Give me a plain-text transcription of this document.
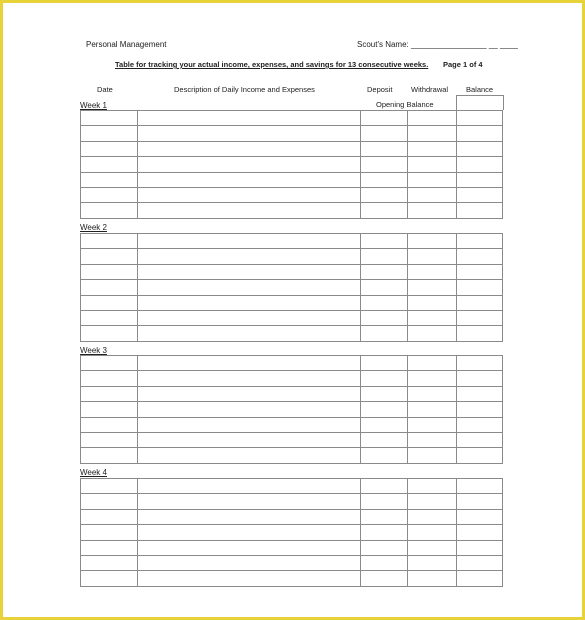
Personal Management	Scout's Name: _________________ __ ____
Table for tracking your actual income, expenses, and savings for 13 consecutive weeks. Page 1 of 4
Date	Description of Daily Income and Expenses	Deposit Withdrawal Balance
Opening Balance
Week 1

Week 2

Week 3

Week 4
